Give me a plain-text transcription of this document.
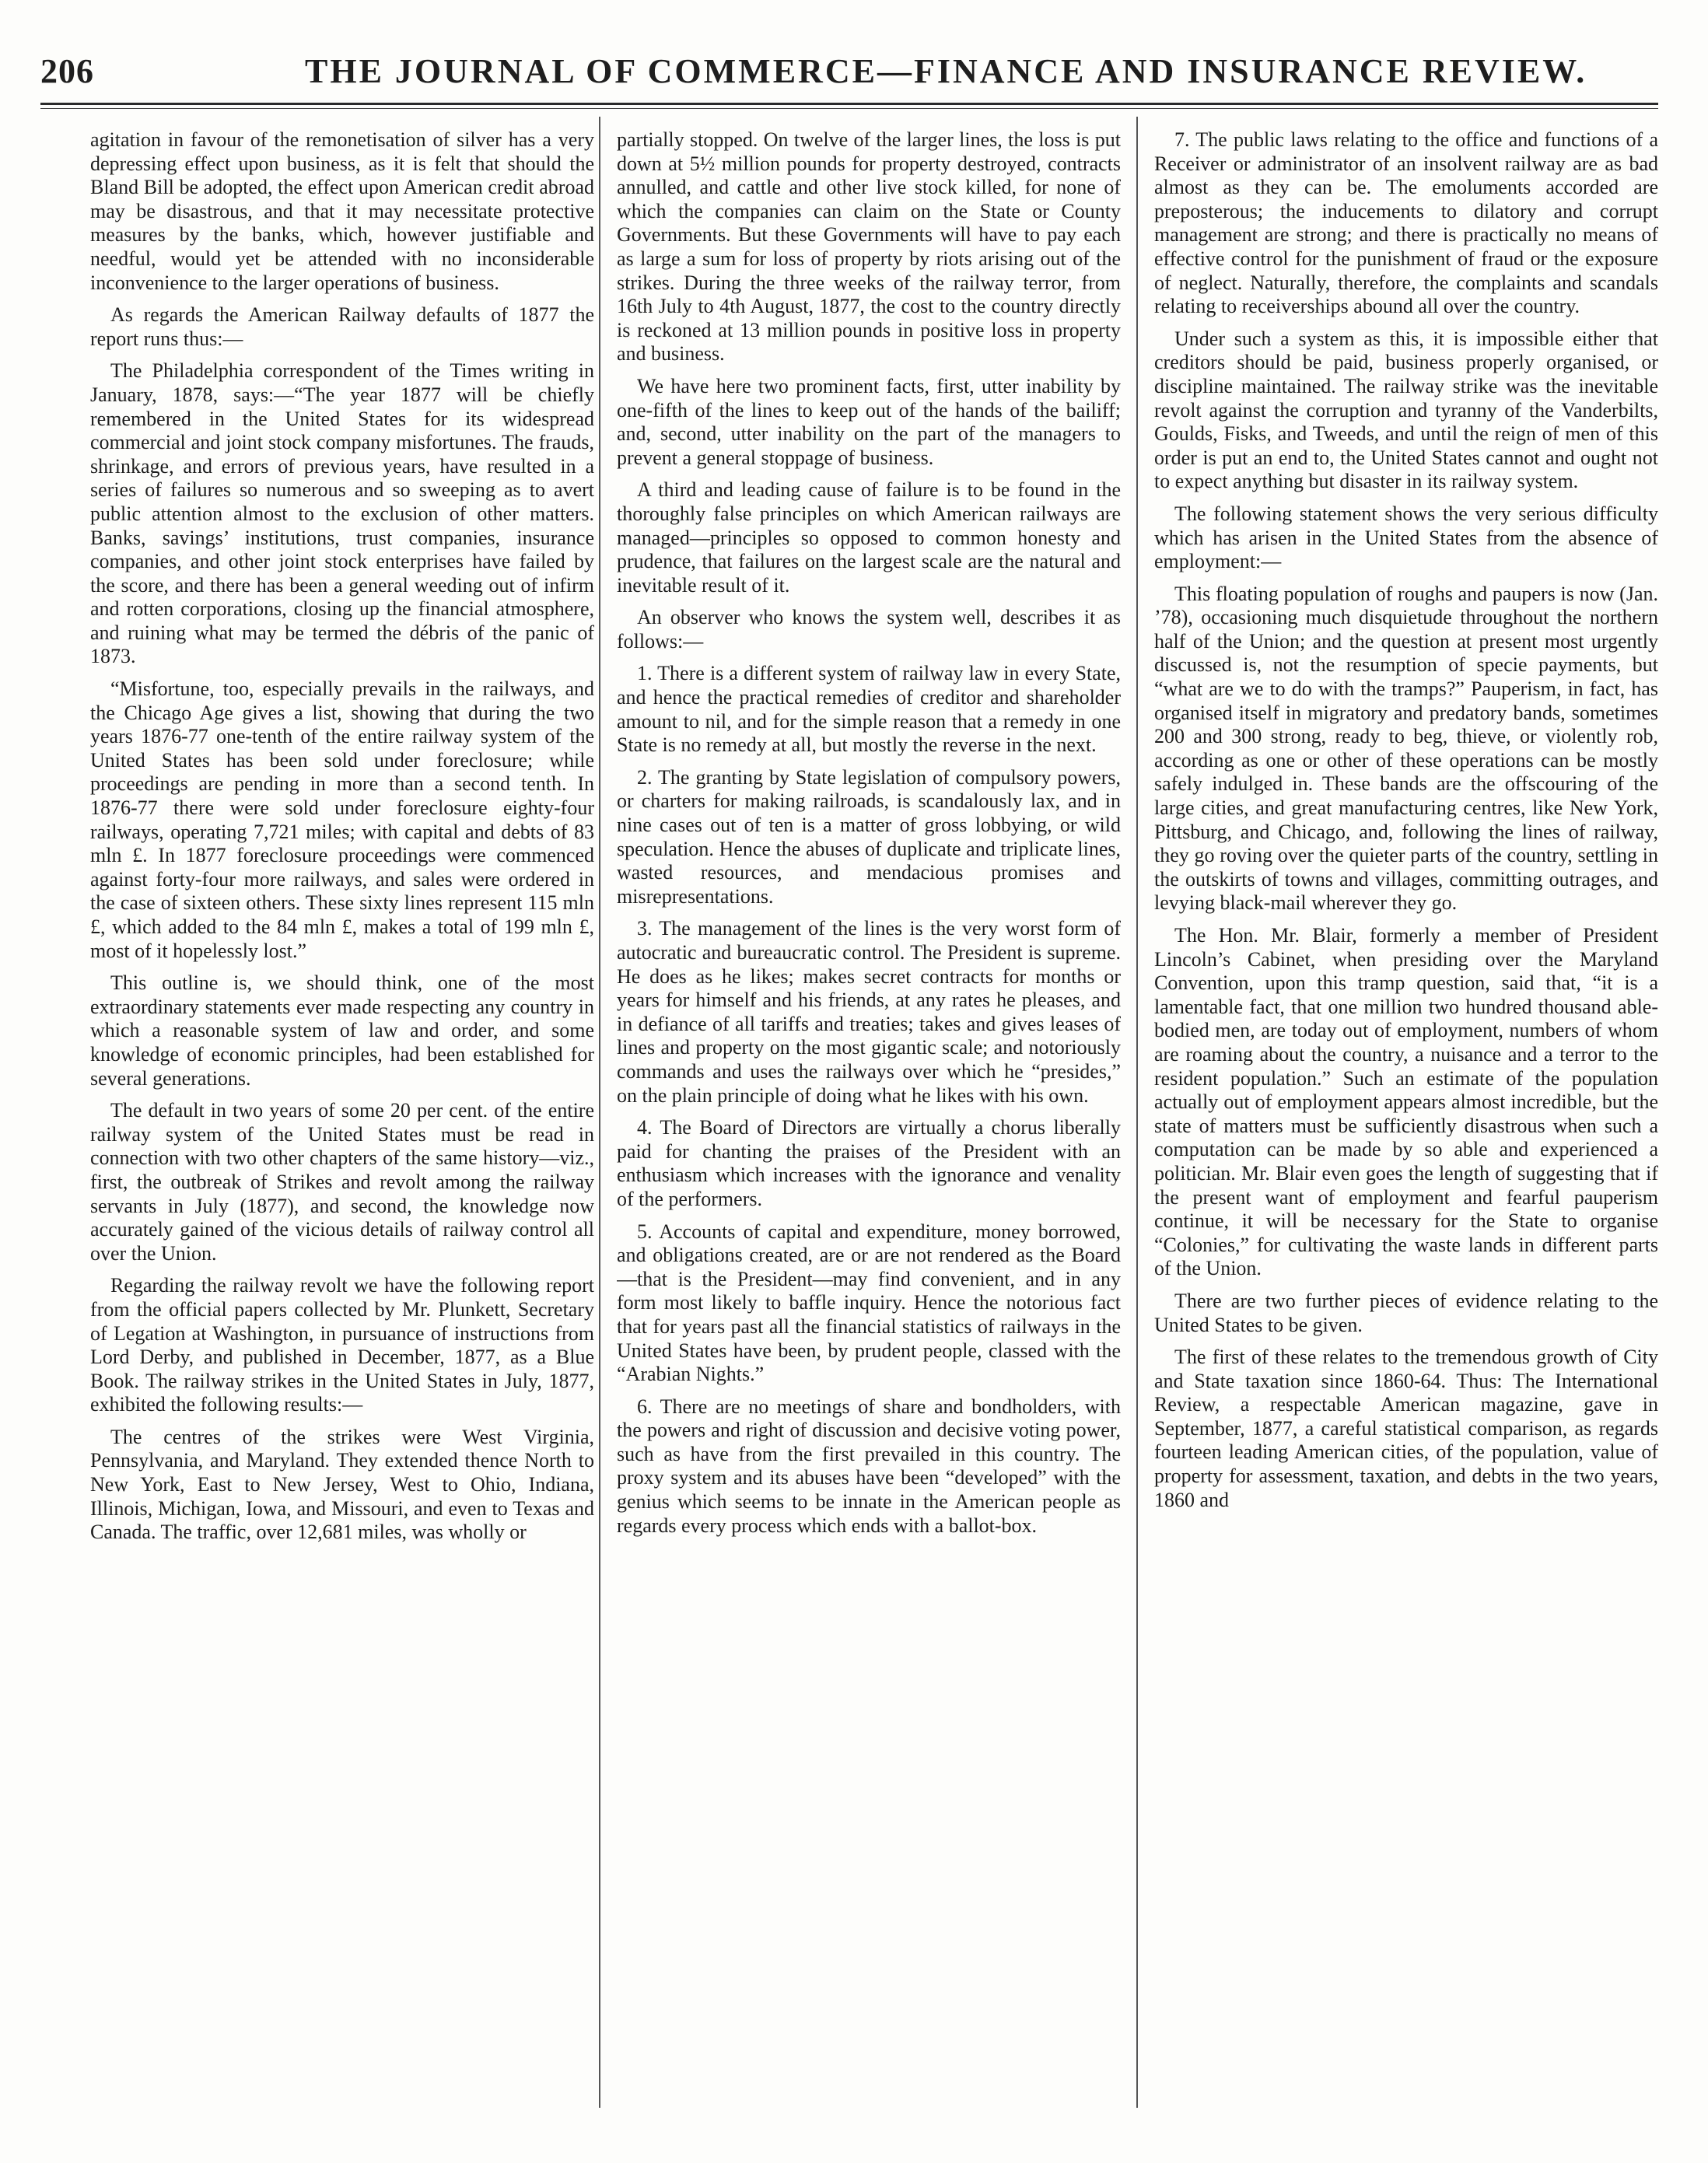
206	THE JOURNAL OF COMMERCE—FINANCE AND INSURANCE REVIEW.

agitation in favour of the remonetisation of silver has a very depressing effect upon business, as it is felt that should the Bland Bill be adopted, the effect upon American credit abroad may be disastrous, and that it may necessitate protective measures by the banks, which, however justifiable and needful, would yet be attended with no inconsiderable inconvenience to the larger operations of business.

As regards the American Railway defaults of 1877 the report runs thus:—

The Philadelphia correspondent of the Times writing in January, 1878, says:—“The year 1877 will be chiefly remembered in the United States for its widespread commercial and joint stock company misfortunes. The frauds, shrinkage, and errors of previous years, have resulted in a series of failures so numerous and so sweeping as to avert public attention almost to the exclusion of other matters. Banks, savings’ institutions, trust companies, insurance companies, and other joint stock enterprises have failed by the score, and there has been a general weeding out of infirm and rotten corporations, closing up the financial atmosphere, and ruining what may be termed the débris of the panic of 1873.

“Misfortune, too, especially prevails in the railways, and the Chicago Age gives a list, showing that during the two years 1876-77 one-tenth of the entire railway system of the United States has been sold under foreclosure; while proceedings are pending in more than a second tenth. In 1876-77 there were sold under foreclosure eighty-four railways, operating 7,721 miles; with capital and debts of 83 mln £. In 1877 foreclosure proceedings were commenced against forty-four more railways, and sales were ordered in the case of sixteen others. These sixty lines represent 115 mln £, which added to the 84 mln £, makes a total of 199 mln £, most of it hopelessly lost.”

This outline is, we should think, one of the most extraordinary statements ever made respecting any country in which a reasonable system of law and order, and some knowledge of economic principles, had been established for several generations.

The default in two years of some 20 per cent. of the entire railway system of the United States must be read in connection with two other chapters of the same history—viz., first, the outbreak of Strikes and revolt among the railway servants in July (1877), and second, the knowledge now accurately gained of the vicious details of railway control all over the Union.

Regarding the railway revolt we have the following report from the official papers collected by Mr. Plunkett, Secretary of Legation at Washington, in pursuance of instructions from Lord Derby, and published in December, 1877, as a Blue Book. The railway strikes in the United States in July, 1877, exhibited the following results:—

The centres of the strikes were West Virginia, Pennsylvania, and Maryland. They extended thence North to New York, East to New Jersey, West to Ohio, Indiana, Illinois, Michigan, Iowa, and Missouri, and even to Texas and Canada. The traffic, over 12,681 miles, was wholly or

partially stopped. On twelve of the larger lines, the loss is put down at 5½ million pounds for property destroyed, contracts annulled, and cattle and other live stock killed, for none of which the companies can claim on the State or County Governments. But these Governments will have to pay each as large a sum for loss of property by riots arising out of the strikes. During the three weeks of the railway terror, from 16th July to 4th August, 1877, the cost to the country directly is reckoned at 13 million pounds in positive loss in property and business.

We have here two prominent facts, first, utter inability by one-fifth of the lines to keep out of the hands of the bailiff; and, second, utter inability on the part of the managers to prevent a general stoppage of business.

A third and leading cause of failure is to be found in the thoroughly false principles on which American railways are managed—principles so opposed to common honesty and prudence, that failures on the largest scale are the natural and inevitable result of it.

An observer who knows the system well, describes it as follows:—

1. There is a different system of railway law in every State, and hence the practical remedies of creditor and shareholder amount to nil, and for the simple reason that a remedy in one State is no remedy at all, but mostly the reverse in the next.

2. The granting by State legislation of compulsory powers, or charters for making railroads, is scandalously lax, and in nine cases out of ten is a matter of gross lobbying, or wild speculation. Hence the abuses of duplicate and triplicate lines, wasted resources, and mendacious promises and misrepresentations.

3. The management of the lines is the very worst form of autocratic and bureaucratic control. The President is supreme. He does as he likes; makes secret contracts for months or years for himself and his friends, at any rates he pleases, and in defiance of all tariffs and treaties; takes and gives leases of lines and property on the most gigantic scale; and notoriously commands and uses the railways over which he “presides,” on the plain principle of doing what he likes with his own.

4. The Board of Directors are virtually a chorus liberally paid for chanting the praises of the President with an enthusiasm which increases with the ignorance and venality of the performers.

5. Accounts of capital and expenditure, money borrowed, and obligations created, are or are not rendered as the Board—that is the President—may find convenient, and in any form most likely to baffle inquiry. Hence the notorious fact that for years past all the financial statistics of railways in the United States have been, by prudent people, classed with the “Arabian Nights.”

6. There are no meetings of share and bondholders, with the powers and right of discussion and decisive voting power, such as have from the first prevailed in this country. The proxy system and its abuses have been “developed” with the genius which seems to be innate in the American people as regards every process which ends with a ballot-box.

7. The public laws relating to the office and functions of a Receiver or administrator of an insolvent railway are as bad almost as they can be. The emoluments accorded are preposterous; the inducements to dilatory and corrupt management are strong; and there is practically no means of effective control for the punishment of fraud or the exposure of neglect. Naturally, therefore, the complaints and scandals relating to receiverships abound all over the country.

Under such a system as this, it is impossible either that creditors should be paid, business properly organised, or discipline maintained. The railway strike was the inevitable revolt against the corruption and tyranny of the Vanderbilts, Goulds, Fisks, and Tweeds, and until the reign of men of this order is put an end to, the United States cannot and ought not to expect anything but disaster in its railway system.

The following statement shows the very serious difficulty which has arisen in the United States from the absence of employment:—

This floating population of roughs and paupers is now (Jan. ’78), occasioning much disquietude throughout the northern half of the Union; and the question at present most urgently discussed is, not the resumption of specie payments, but “what are we to do with the tramps?” Pauperism, in fact, has organised itself in migratory and predatory bands, sometimes 200 and 300 strong, ready to beg, thieve, or violently rob, according as one or other of these operations can be mostly safely indulged in. These bands are the offscouring of the large cities, and great manufacturing centres, like New York, Pittsburg, and Chicago, and, following the lines of railway, they go roving over the quieter parts of the country, settling in the outskirts of towns and villages, committing outrages, and levying black-mail wherever they go.

The Hon. Mr. Blair, formerly a member of President Lincoln’s Cabinet, when presiding over the Maryland Convention, upon this tramp question, said that, “it is a lamentable fact, that one million two hundred thousand able-bodied men, are today out of employment, numbers of whom are roaming about the country, a nuisance and a terror to the resident population.” Such an estimate of the population actually out of employment appears almost incredible, but the state of matters must be sufficiently disastrous when such a computation can be made by so able and experienced a politician. Mr. Blair even goes the length of suggesting that if the present want of employment and fearful pauperism continue, it will be necessary for the State to organise “Colonies,” for cultivating the waste lands in different parts of the Union.

There are two further pieces of evidence relating to the United States to be given.

The first of these relates to the tremendous growth of City and State taxation since 1860-64. Thus: The International Review, a respectable American magazine, gave in September, 1877, a careful statistical comparison, as regards fourteen leading American cities, of the population, value of property for assessment, taxation, and debts in the two years, 1860 and
